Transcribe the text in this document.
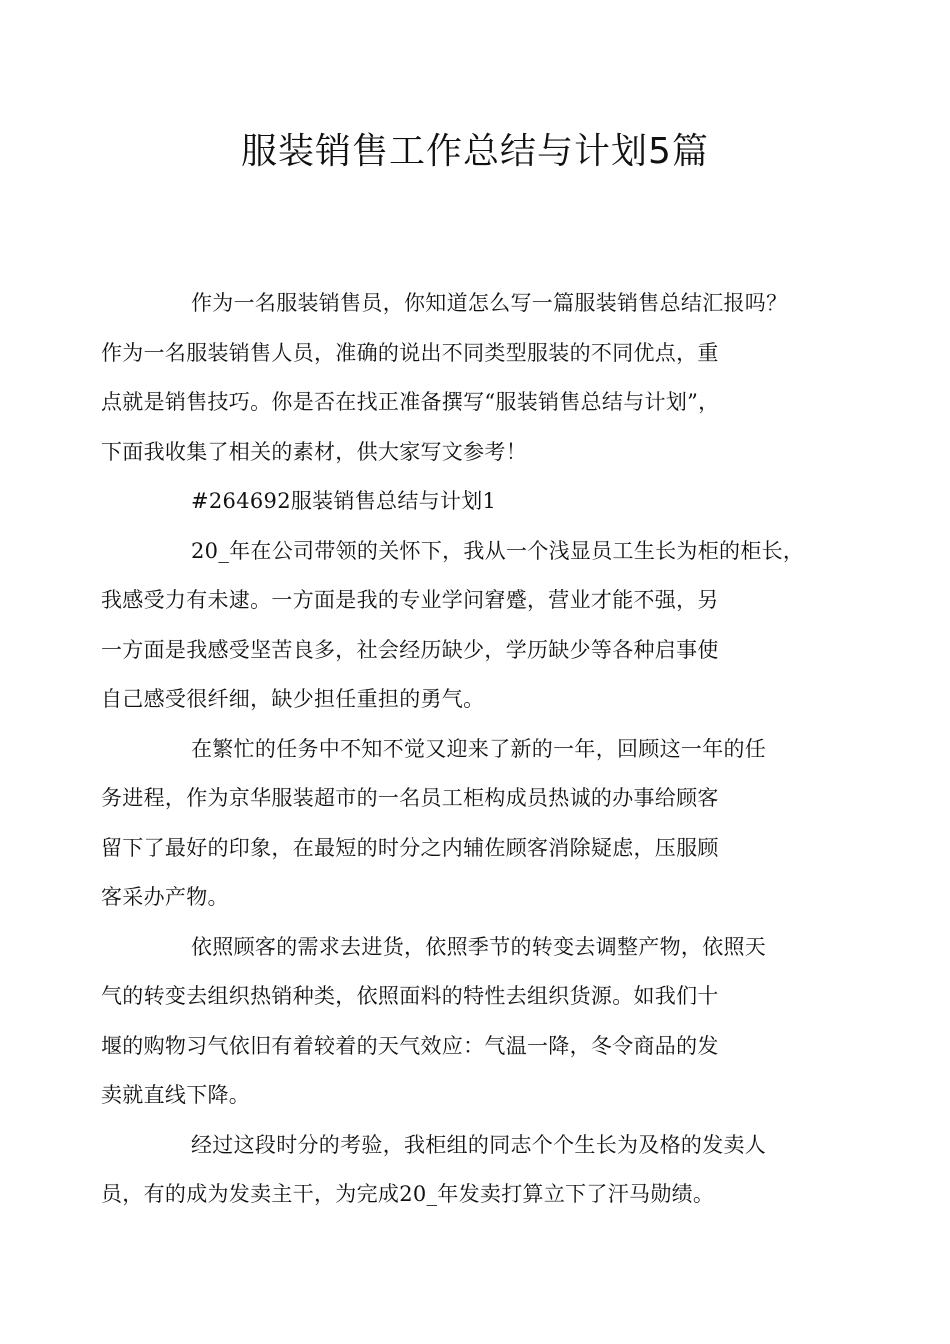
服装销售工作总结与计划5篇

作为一名服装销售员，你知道怎么写一篇服装销售总结汇报吗？
作为一名服装销售人员，准确的说出不同类型服装的不同优点，重
点就是销售技巧。你是否在找正准备撰写“服装销售总结与计划”，
下面我收集了相关的素材，供大家写文参考！

#264692服装销售总结与计划1

20_年在公司带领的关怀下，我从一个浅显员工生长为柜的柜长，
我感受力有未逮。一方面是我的专业学问窘蹙，营业才能不强，另
一方面是我感受坚苦良多，社会经历缺少，学历缺少等各种启事使
自己感受很纤细，缺少担任重担的勇气。

在繁忙的任务中不知不觉又迎来了新的一年，回顾这一年的任
务进程，作为京华服装超市的一名员工柜构成员热诚的办事给顾客
留下了最好的印象，在最短的时分之内辅佐顾客消除疑虑，压服顾
客采办产物。

依照顾客的需求去进货，依照季节的转变去调整产物，依照天
气的转变去组织热销种类，依照面料的特性去组织货源。如我们十
堰的购物习气依旧有着较着的天气效应：气温一降，冬令商品的发
卖就直线下降。

经过这段时分的考验，我柜组的同志个个生长为及格的发卖人
员，有的成为发卖主干，为完成20_年发卖打算立下了汗马勋绩。
